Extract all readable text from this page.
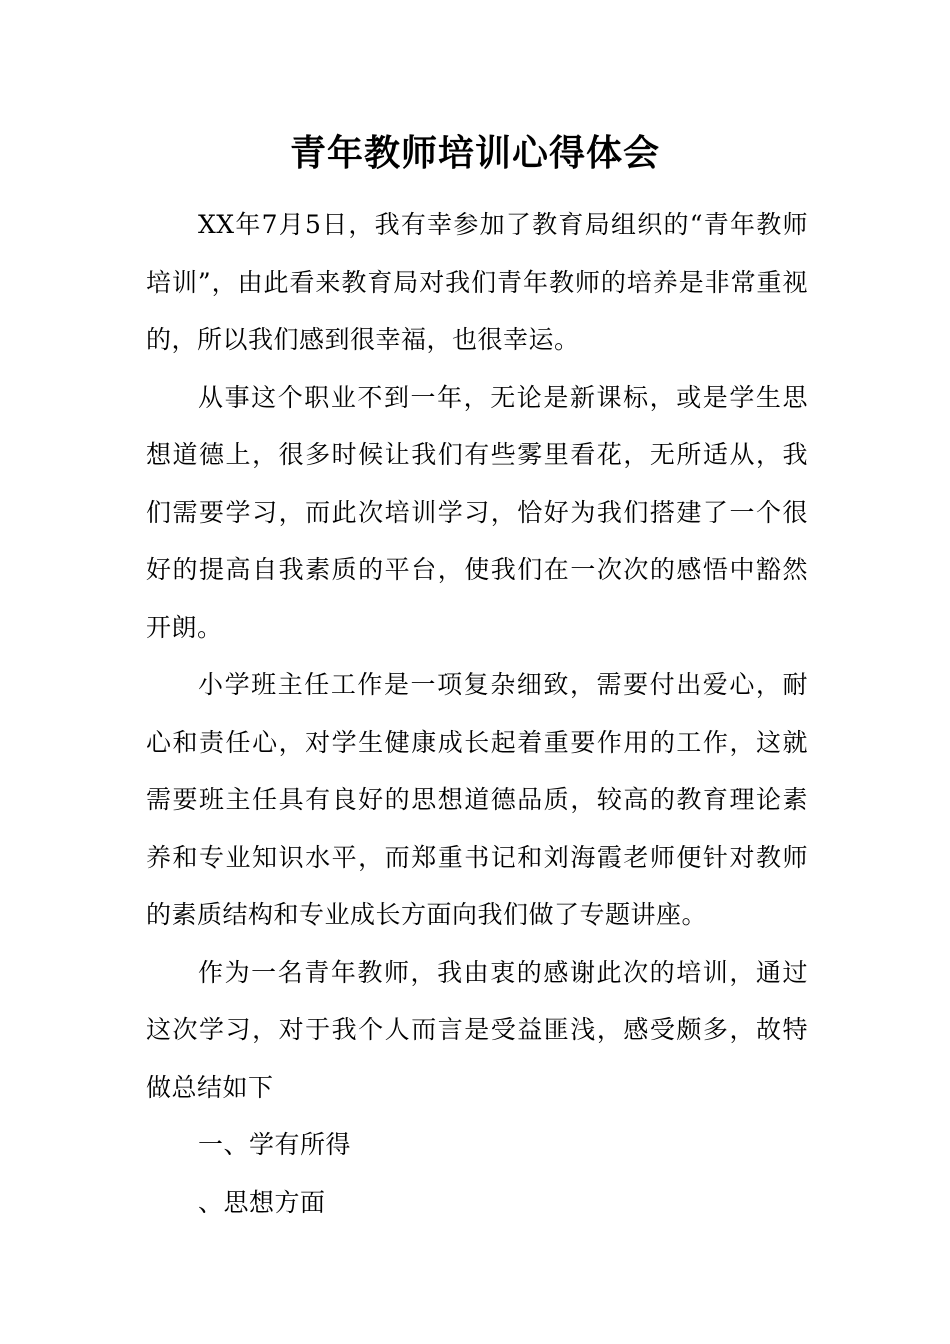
青年教师培训心得体会

XX年7月5日，我有幸参加了教育局组织的“青年教师培训”，由此看来教育局对我们青年教师的培养是非常重视的，所以我们感到很幸福，也很幸运。

从事这个职业不到一年，无论是新课标，或是学生思想道德上，很多时候让我们有些雾里看花，无所适从，我们需要学习，而此次培训学习，恰好为我们搭建了一个很好的提高自我素质的平台，使我们在一次次的感悟中豁然开朗。

小学班主任工作是一项复杂细致，需要付出爱心，耐心和责任心，对学生健康成长起着重要作用的工作，这就需要班主任具有良好的思想道德品质，较高的教育理论素养和专业知识水平，而郑重书记和刘海霞老师便针对教师的素质结构和专业成长方面向我们做了专题讲座。

作为一名青年教师，我由衷的感谢此次的培训，通过这次学习，对于我个人而言是受益匪浅，感受颇多，故特做总结如下

一、学有所得

、思想方面
